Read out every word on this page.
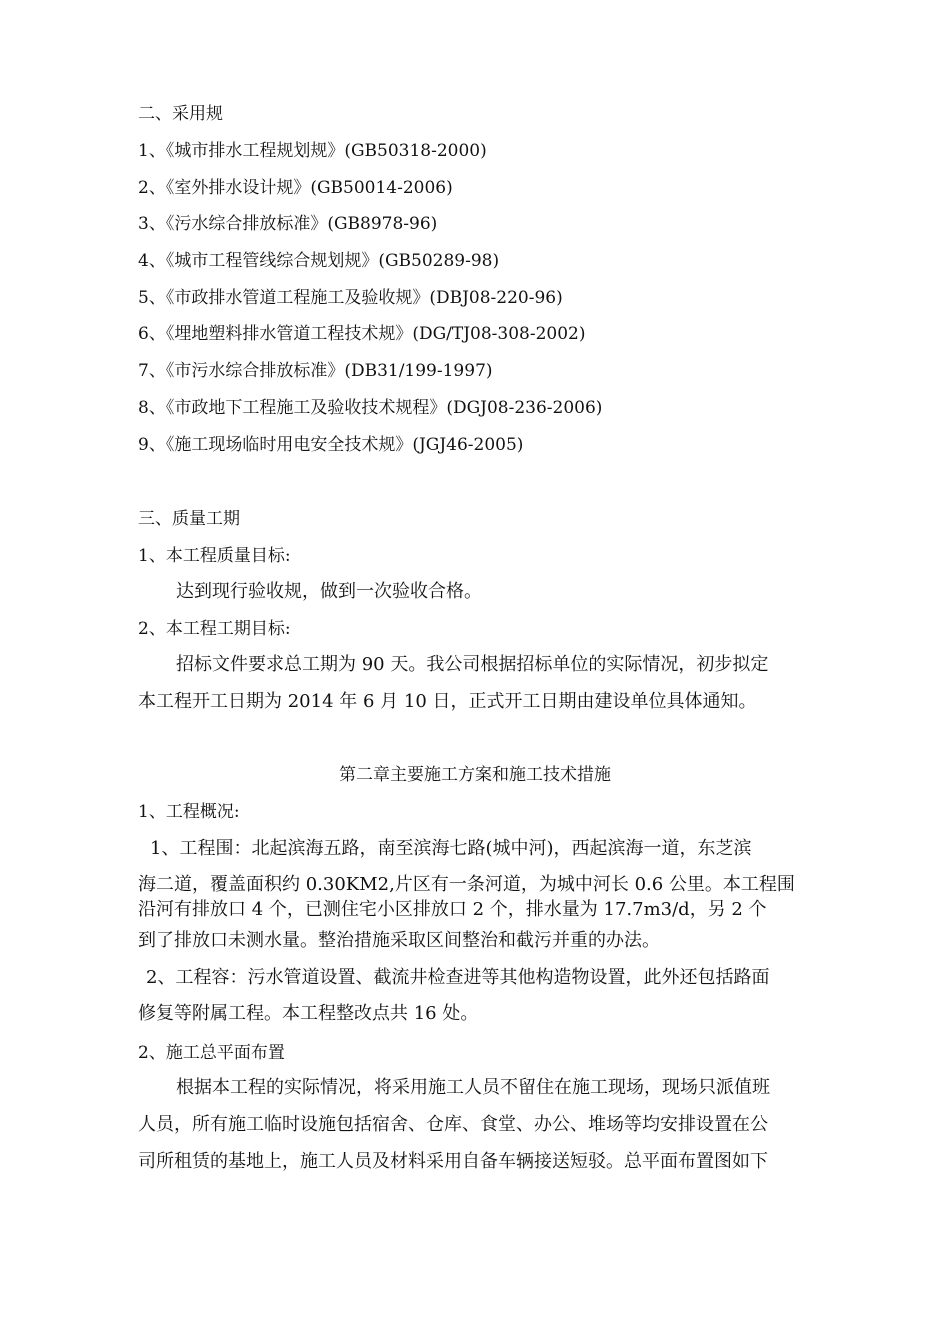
二、采用规
1、《城市排水工程规划规》(GB50318-2000)
2、《室外排水设计规》(GB50014-2006)
3、《污水综合排放标准》(GB8978-96)
4、《城市工程管线综合规划规》(GB50289-98)
5、《市政排水管道工程施工及验收规》(DBJ08-220-96)
6、《埋地塑料排水管道工程技术规》(DG/TJ08-308-2002)
7、《市污水综合排放标准》(DB31/199-1997)
8、《市政地下工程施工及验收技术规程》(DGJ08-236-2006)
9、《施工现场临时用电安全技术规》(JGJ46-2005)
三、质量工期
1、本工程质量目标:
达到现行验收规，做到一次验收合格。
2、本工程工期目标:
招标文件要求总工期为 90 天。我公司根据招标单位的实际情况，初步拟定
本工程开工日期为 2014 年 6 月 10 日，正式开工日期由建设单位具体通知。
第二章主要施工方案和施工技术措施
1、工程概况:
1、工程围：北起滨海五路，南至滨海七路(城中河)，西起滨海一道，东芝滨
海二道，覆盖面积约 0.30KM2,片区有一条河道，为城中河长 0.6 公里。本工程围
沿河有排放口 4 个，已测住宅小区排放口 2 个，排水量为 17.7m3/d，另 2 个
到了排放口未测水量。整治措施采取区间整治和截污并重的办法。
2、工程容：污水管道设置、截流井检查进等其他构造物设置，此外还包括路面
修复等附属工程。本工程整改点共 16 处。
2、施工总平面布置
根据本工程的实际情况，将采用施工人员不留住在施工现场，现场只派值班
人员，所有施工临时设施包括宿舍、仓库、食堂、办公、堆场等均安排设置在公
司所租赁的基地上，施工人员及材料采用自备车辆接送短驳。总平面布置图如下
